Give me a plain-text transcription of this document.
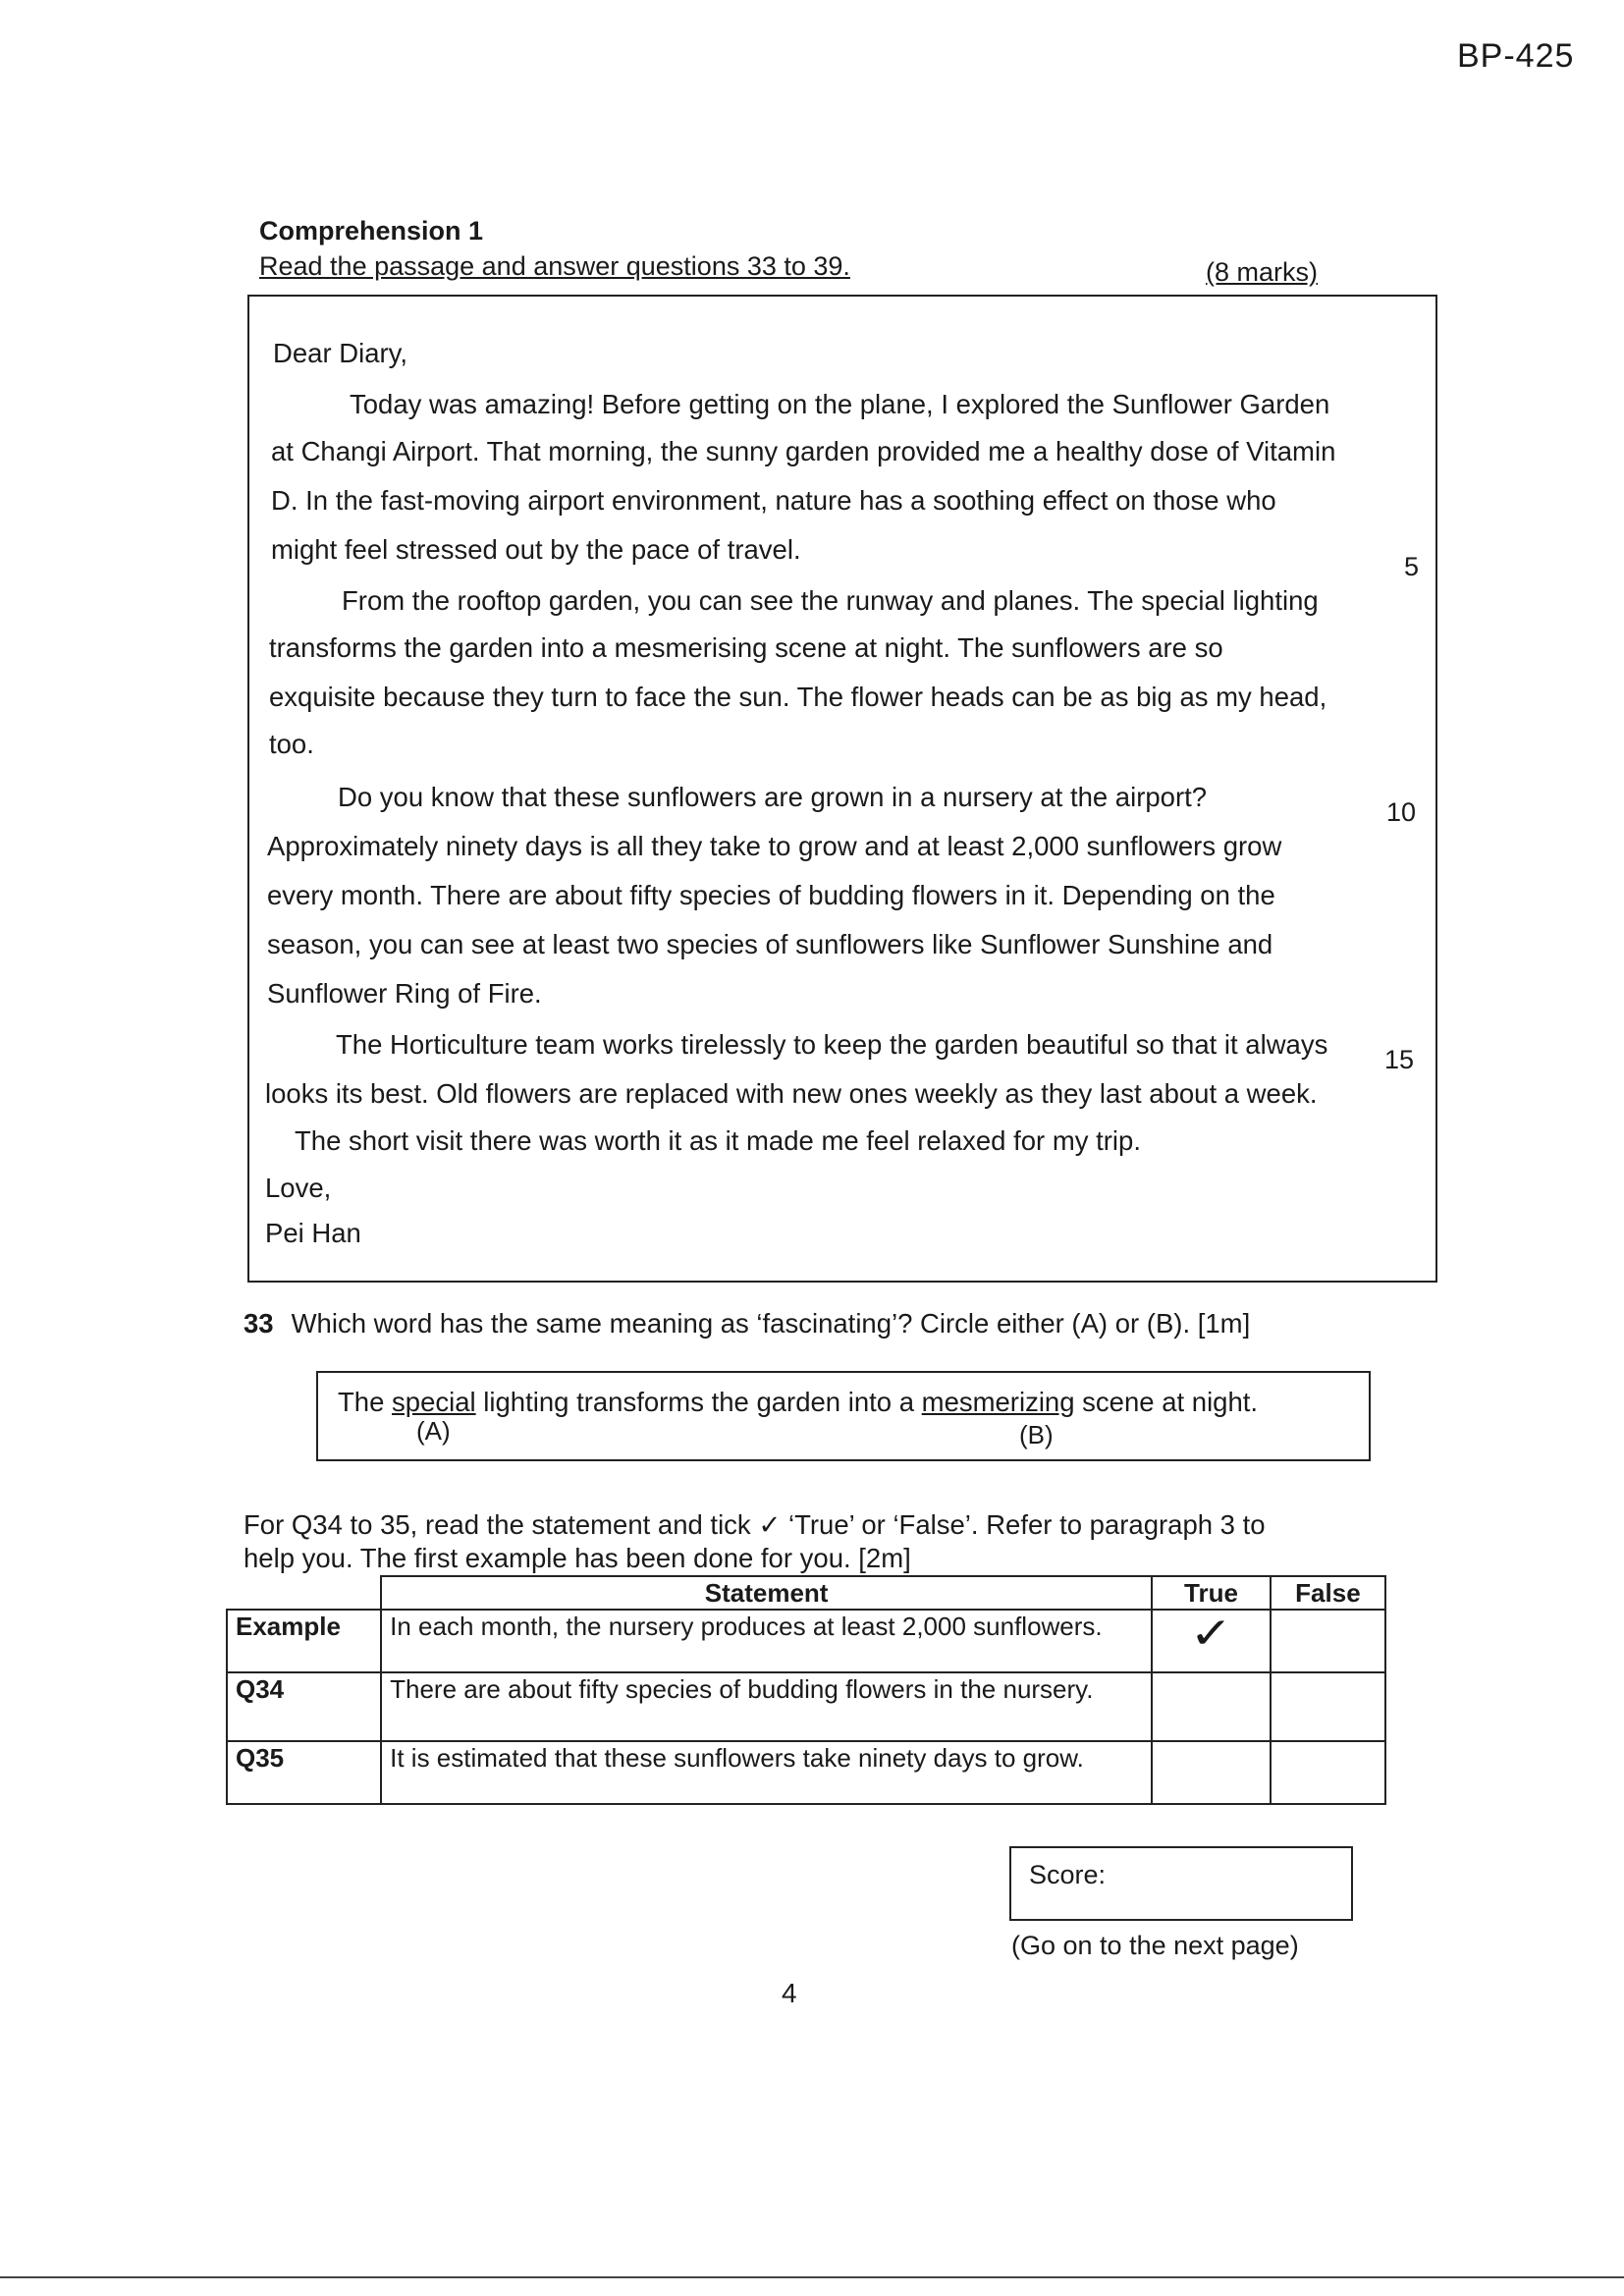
BP-425
Comprehension 1
Read the passage and answer questions 33 to 39.	(8 marks)
Dear Diary,
Today was amazing! Before getting on the plane, I explored the Sunflower Garden
at Changi Airport. That morning, the sunny garden provided me a healthy dose of Vitamin
D. In the fast-moving airport environment, nature has a soothing effect on those who
might feel stressed out by the pace of travel.
5
From the rooftop garden, you can see the runway and planes. The special lighting
transforms the garden into a mesmerising scene at night. The sunflowers are so
exquisite because they turn to face the sun. The flower heads can be as big as my head,
too.
Do you know that these sunflowers are grown in a nursery at the airport?	10
Approximately ninety days is all they take to grow and at least 2,000 sunflowers grow
every month. There are about fifty species of budding flowers in it. Depending on the
season, you can see at least two species of sunflowers like Sunflower Sunshine and
Sunflower Ring of Fire.
The Horticulture team works tirelessly to keep the garden beautiful so that it always 15
looks its best. Old flowers are replaced with new ones weekly as they last about a week.
The short visit there was worth it as it made me feel relaxed for my trip.
Love,
Pei Han
33 Which word has the same meaning as ‘fascinating’? Circle either (A) or (B). [1m]
The special lighting transforms the garden into a mesmerizing scene at night.
(A)	(B)
For Q34 to 35, read the statement and tick ✓ ‘True’ or ‘False’. Refer to paragraph 3 to
help you. The first example has been done for you. [2m]
	Statement	True	False
Example	In each month, the nursery produces at least 2,000 sunflowers.	✓	
Q34	There are about fifty species of budding flowers in the nursery.		
Q35	It is estimated that these sunflowers take ninety days to grow.		
Score:
(Go on to the next page)
4
